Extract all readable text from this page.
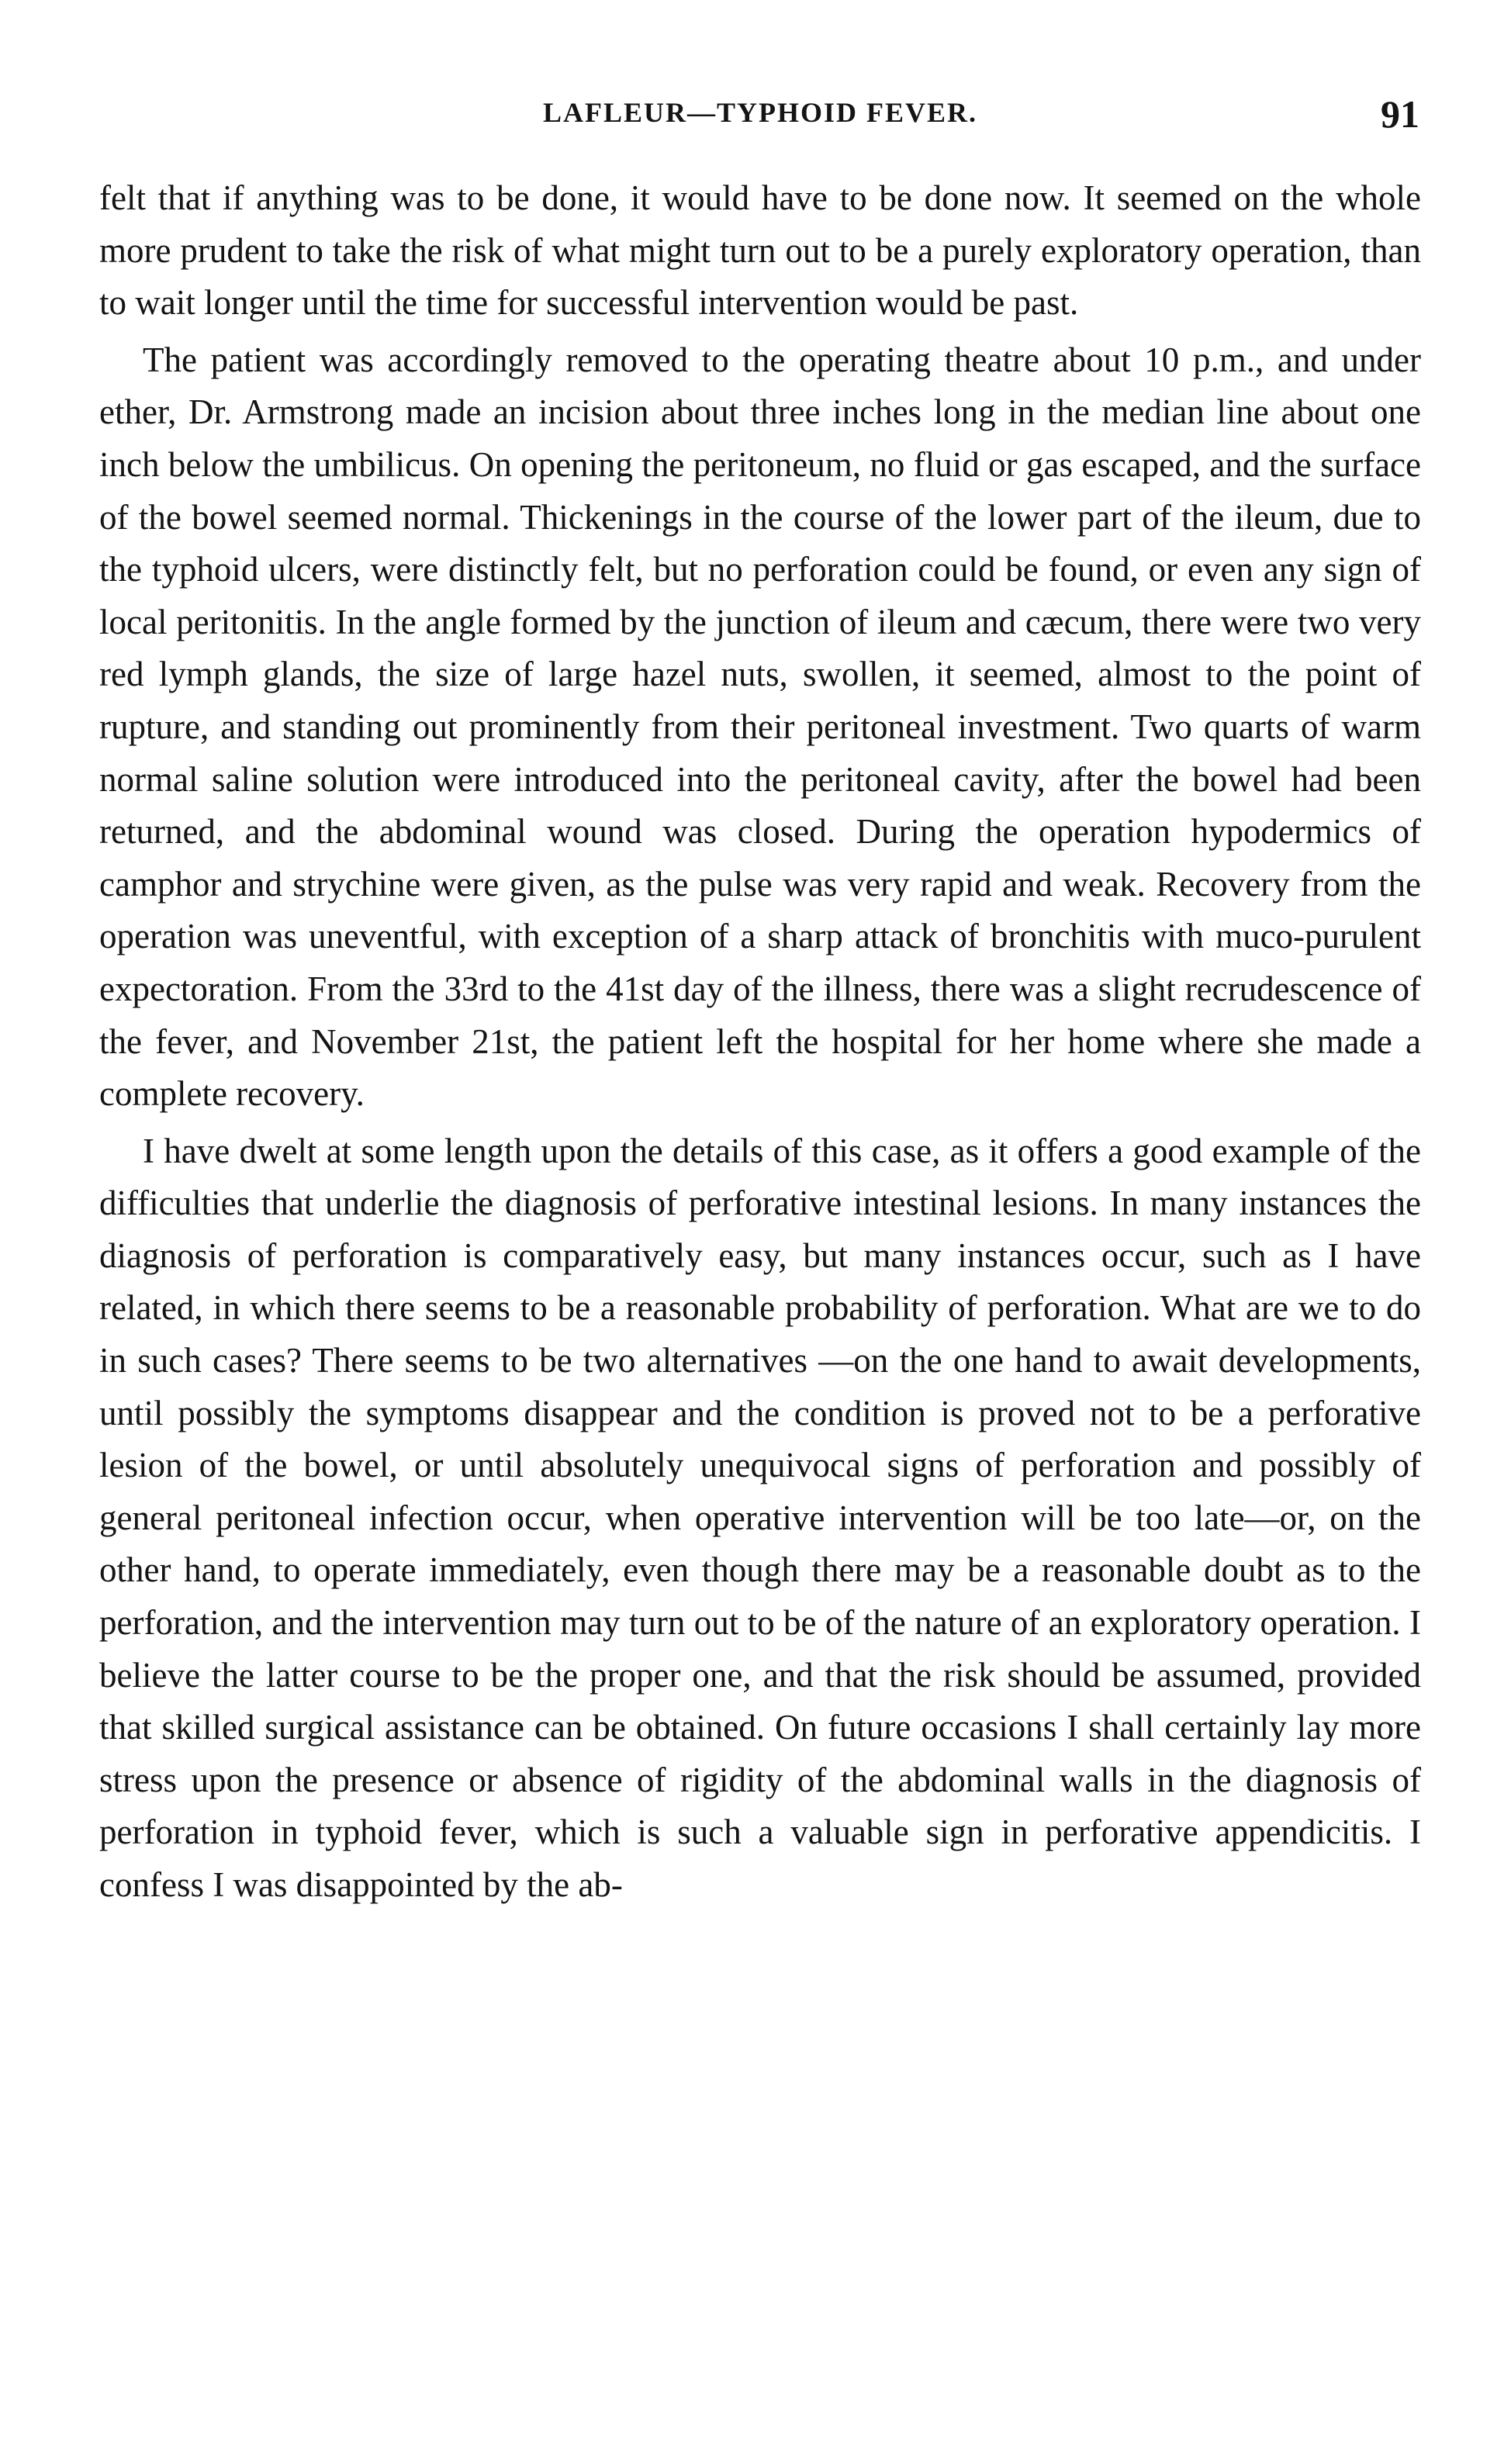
LAFLEUR—TYPHOID FEVER.	91

felt that if anything was to be done, it would have to be done now. It seemed on the whole more prudent to take the risk of what might turn out to be a purely exploratory operation, than to wait longer until the time for successful intervention would be past.

The patient was accordingly removed to the operating theatre about 10 p.m., and under ether, Dr. Armstrong made an incision about three inches long in the median line about one inch below the umbilicus. On opening the peritoneum, no fluid or gas escaped, and the surface of the bowel seemed normal. Thickenings in the course of the lower part of the ileum, due to the typhoid ulcers, were distinctly felt, but no perforation could be found, or even any sign of local peritonitis. In the angle formed by the junction of ileum and cæcum, there were two very red lymph glands, the size of large hazel nuts, swollen, it seemed, almost to the point of rupture, and standing out prominently from their peritoneal investment. Two quarts of warm normal saline solution were introduced into the peritoneal cavity, after the bowel had been returned, and the abdominal wound was closed. During the operation hypodermics of camphor and strychine were given, as the pulse was very rapid and weak. Recovery from the operation was uneventful, with exception of a sharp attack of bronchitis with muco-purulent expectoration. From the 33rd to the 41st day of the illness, there was a slight recrudescence of the fever, and November 21st, the patient left the hospital for her home where she made a complete recovery.

I have dwelt at some length upon the details of this case, as it offers a good example of the difficulties that underlie the diagnosis of perforative intestinal lesions. In many instances the diagnosis of perforation is comparatively easy, but many instances occur, such as I have related, in which there seems to be a reasonable probability of perforation. What are we to do in such cases? There seems to be two alternatives —on the one hand to await developments, until possibly the symptoms disappear and the condition is proved not to be a perforative lesion of the bowel, or until absolutely unequivocal signs of perforation and possibly of general peritoneal infection occur, when operative intervention will be too late—or, on the other hand, to operate immediately, even though there may be a reasonable doubt as to the perforation, and the intervention may turn out to be of the nature of an exploratory operation. I believe the latter course to be the proper one, and that the risk should be assumed, provided that skilled surgical assistance can be obtained. On future occasions I shall certainly lay more stress upon the presence or absence of rigidity of the abdominal walls in the diagnosis of perforation in typhoid fever, which is such a valuable sign in perforative appendicitis. I confess I was disappointed by the ab-
